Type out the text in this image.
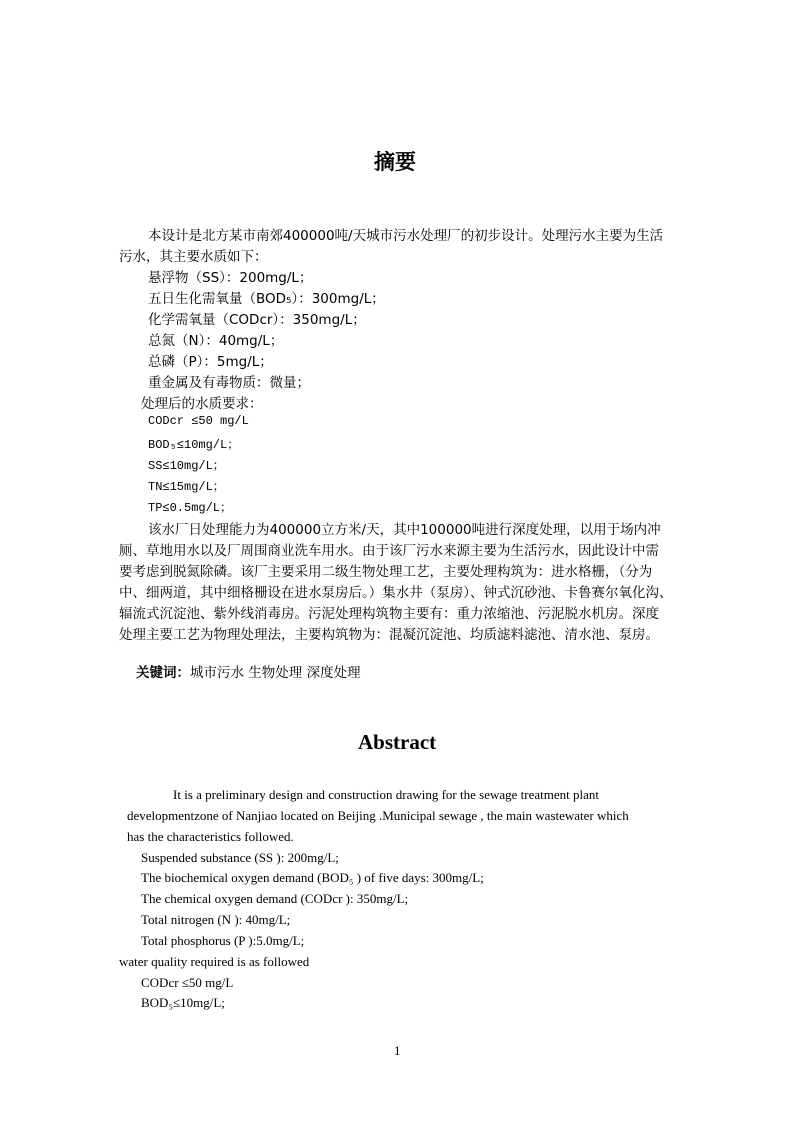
摘要
本设计是北方某市南郊400000吨/天城市污水处理厂的初步设计。处理污水主要为生活
污水，其主要水质如下：
悬浮物（SS）：200mg/L；
五日生化需氧量（BOD₅）：300mg/L；
化学需氧量（CODcr）：350mg/L；
总氮（N）：40mg/L；
总磷（P）：5mg/L；
重金属及有毒物质：微量；
处理后的水质要求：
CODcr ≤50 mg/L
BOD₅≤10mg/L；
SS≤10mg/L；
TN≤15mg/L；
TP≤0.5mg/L；
该水厂日处理能力为400000立方米/天，其中100000吨进行深度处理，以用于场内冲
厕、草地用水以及厂周围商业洗车用水。由于该厂污水来源主要为生活污水，因此设计中需
要考虑到脱氮除磷。该厂主要采用二级生物处理工艺，主要处理构筑为：进水格栅，（分为
中、细两道，其中细格栅设在进水泵房后。）集水井（泵房）、钟式沉砂池、卡鲁赛尔氧化沟、
辐流式沉淀池、紫外线消毒房。污泥处理构筑物主要有：重力浓缩池、污泥脱水机房。深度
处理主要工艺为物理处理法，主要构筑物为：混凝沉淀池、均质滤料滤池、清水池、泵房。
关键词：城市污水 生物处理 深度处理
Abstract
It is a preliminary design and construction drawing for the sewage treatment plant
developmentzone of Nanjiao located on Beijing .Municipal sewage , the main wastewater which
has the characteristics followed.
Suspended substance (SS ): 200mg/L;
The biochemical oxygen demand (BOD₅ ) of five days: 300mg/L;
The chemical oxygen demand (CODcr ): 350mg/L;
Total nitrogen (N ): 40mg/L;
Total phosphorus (P ):5.0mg/L;
water quality required is as followed
CODcr ≤50 mg/L
BOD₅≤10mg/L;
1
